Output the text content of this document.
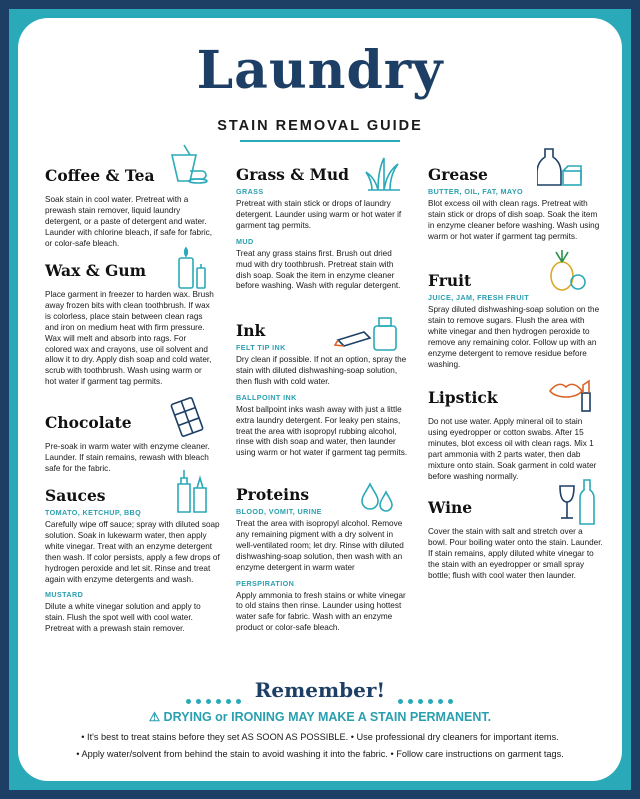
Laundry
STAIN REMOVAL GUIDE
Coffee & Tea
Soak stain in cool water. Pretreat with a prewash stain remover, liquid laundry detergent, or a paste of detergent and water. Launder with chlorine bleach, if safe for fabric, or color-safe bleach.
Wax & Gum
Place garment in freezer to harden wax. Brush away frozen bits with clean toothbrush. If wax is colorless, place stain between clean rags and iron on medium heat with firm pressure. Wax will melt and absorb into rags. For colored wax and crayons, use oil solvent and allow it to dry. Apply dish soap and cold water, scrub with toothbrush. Wash using warm or hot water if garment tag permits.
Chocolate
Pre-soak in warm water with enzyme cleaner. Launder. If stain remains, rewash with bleach safe for the fabric.
Sauces
TOMATO, KETCHUP, BBQ
Carefully wipe off sauce; spray with diluted soap solution. Soak in lukewarm water, then apply white vinegar. Treat with an enzyme detergent then wash. If color persists, apply a few drops of hydrogen peroxide and let sit. Rinse and treat again with enzyme detergents and wash.
MUSTARD
Dilute a white vinegar solution and apply to stain. Flush the spot well with cool water. Pretreat with a prewash stain remover.
Grass & Mud
GRASS
Pretreat with stain stick or drops of laundry detergent. Launder using warm or hot water if garment tag permits.
MUD
Treat any grass stains first. Brush out dried mud with dry toothbrush. Pretreat stain with dish soap. Soak the item in enzyme cleaner before washing. Wash with regular detergent.
Ink
FELT TIP INK
Dry clean if possible. If not an option, spray the stain with diluted dishwashing-soap solution, then flush with cold water.
BALLPOINT INK
Most ballpoint inks wash away with just a little extra laundry detergent. For leaky pen stains, treat the area with isopropyl rubbing alcohol, rinse with dish soap and water, then launder using warm or hot water if garment tag permits.
Proteins
BLOOD, VOMIT, URINE
Treat the area with isopropyl alcohol. Remove any remaining pigment with a dry solvent in well-ventilated room; let dry. Rinse with diluted dishwashing-soap solution, then wash with an enzyme detergent in warm water
PERSPIRATION
Apply ammonia to fresh stains or white vinegar to old stains then rinse. Launder using hottest water safe for fabric. Wash with an enzyme product or color-safe bleach.
Grease
BUTTER, OIL, FAT, MAYO
Blot excess oil with clean rags. Pretreat with stain stick or drops of dish soap. Soak the item in enzyme cleaner before washing. Wash using warm or hot water if garment tag permits.
Fruit
JUICE, JAM, FRESH FRUIT
Spray diluted dishwashing-soap solution on the stain to remove sugars. Flush the area with white vinegar and then hydrogen peroxide to remove any remaining color. Follow up with an enzyme detergent to remove residue before washing.
Lipstick
Do not use water. Apply mineral oil to stain using eyedropper or cotton swabs. After 15 minutes, blot excess oil with clean rags. Mix 1 part ammonia with 2 parts water, then dab mixture onto stain. Soak garment in cold water before washing normally.
Wine
Cover the stain with salt and stretch over a bowl. Pour boiling water onto the stain. Launder. If stain remains, apply diluted white vinegar to the stain with an eyedropper or small spray bottle; flush with cool water then launder.
Remember!
⚠ DRYING or IRONING MAY MAKE A STAIN PERMANENT.
• It's best to treat stains before they set AS SOON AS POSSIBLE. • Use professional dry cleaners for important items.
• Apply water/solvent from behind the stain to avoid washing it into the fabric. • Follow care instructions on garment tags.
